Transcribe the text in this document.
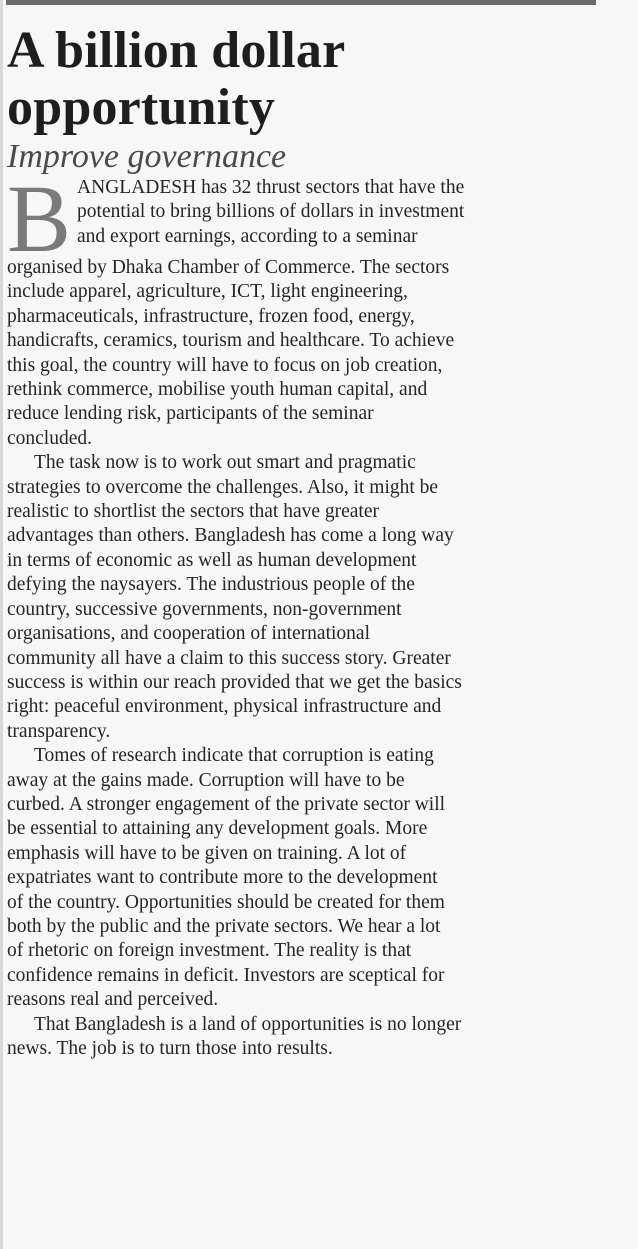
A billion dollar
opportunity
Improve governance

B ANGLADESH has 32 thrust sectors that have the
potential to bring billions of dollars in investment
and export earnings, according to a seminar
organised by Dhaka Chamber of Commerce. The sectors
include apparel, agriculture, ICT, light engineering,
pharmaceuticals, infrastructure, frozen food, energy,
handicrafts, ceramics, tourism and healthcare. To achieve
this goal, the country will have to focus on job creation,
rethink commerce, mobilise youth human capital, and
reduce lending risk, participants of the seminar
concluded.

The task now is to work out smart and pragmatic
strategies to overcome the challenges. Also, it might be
realistic to shortlist the sectors that have greater
advantages than others. Bangladesh has come a long way
in terms of economic as well as human development
defying the naysayers. The industrious people of the
country, successive governments, non-government
organisations, and cooperation of international
community all have a claim to this success story. Greater
success is within our reach provided that we get the basics
right: peaceful environment, physical infrastructure and
transparency.

Tomes of research indicate that corruption is eating
away at the gains made. Corruption will have to be
curbed. A stronger engagement of the private sector will
be essential to attaining any development goals. More
emphasis will have to be given on training. A lot of
expatriates want to contribute more to the development
of the country. Opportunities should be created for them
both by the public and the private sectors. We hear a lot
of rhetoric on foreign investment. The reality is that
confidence remains in deficit. Investors are sceptical for
reasons real and perceived.

That Bangladesh is a land of opportunities is no longer
news. The job is to turn those into results.
